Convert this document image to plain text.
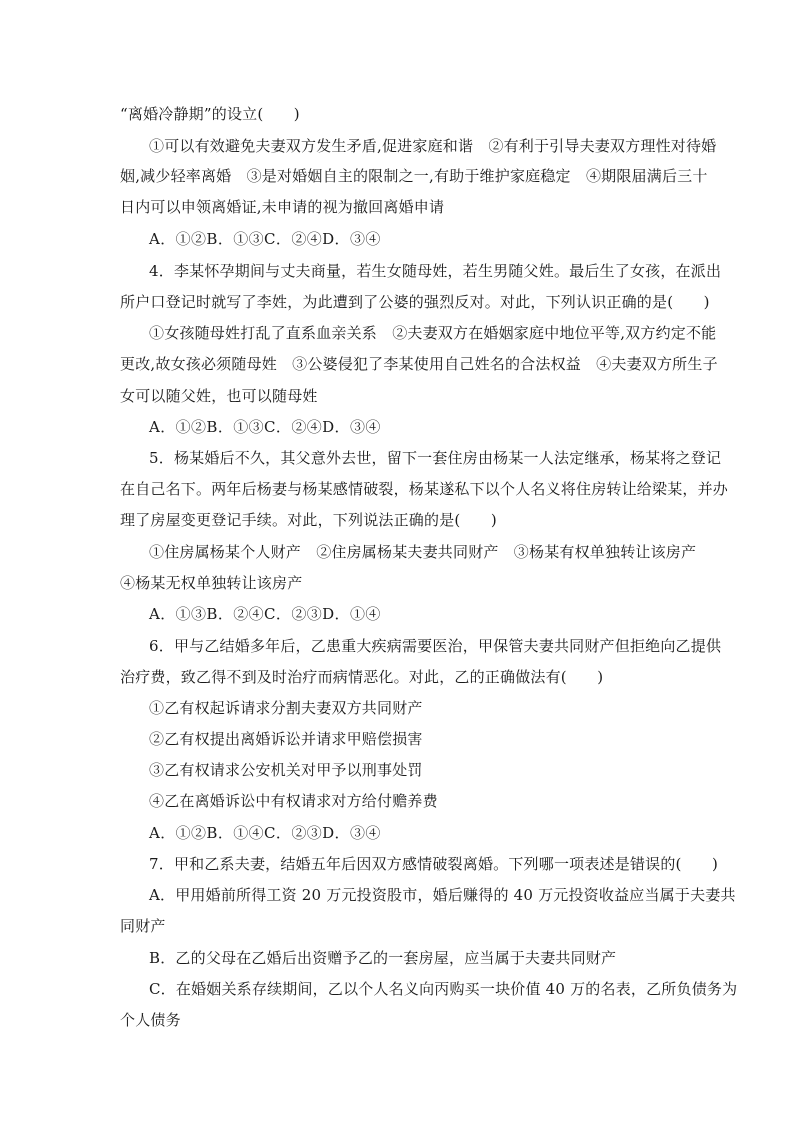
“离婚冷静期”的设立(　　)
①可以有效避免夫妻双方发生矛盾,促进家庭和谐　②有利于引导夫妻双方理性对待婚
姻,减少轻率离婚　③是对婚姻自主的限制之一,有助于维护家庭稳定　④期限届满后三十
日内可以申领离婚证,未申请的视为撤回离婚申请
A．①②B．①③C．②④D．③④
4．李某怀孕期间与丈夫商量，若生女随母姓，若生男随父姓。最后生了女孩，在派出
所户口登记时就写了李姓，为此遭到了公婆的强烈反对。对此，下列认识正确的是(　　)
①女孩随母姓打乱了直系血亲关系　②夫妻双方在婚姻家庭中地位平等,双方约定不能
更改,故女孩必须随母姓　③公婆侵犯了李某使用自己姓名的合法权益　④夫妻双方所生子
女可以随父姓，也可以随母姓
A．①②B．①③C．②④D．③④
5．杨某婚后不久，其父意外去世，留下一套住房由杨某一人法定继承，杨某将之登记
在自己名下。两年后杨妻与杨某感情破裂，杨某遂私下以个人名义将住房转让给梁某，并办
理了房屋变更登记手续。对此，下列说法正确的是(　　)
①住房属杨某个人财产　②住房属杨某夫妻共同财产　③杨某有权单独转让该房产
④杨某无权单独转让该房产
A．①③B．②④C．②③D．①④
6．甲与乙结婚多年后，乙患重大疾病需要医治，甲保管夫妻共同财产但拒绝向乙提供
治疗费，致乙得不到及时治疗而病情恶化。对此，乙的正确做法有(　　)
①乙有权起诉请求分割夫妻双方共同财产
②乙有权提出离婚诉讼并请求甲赔偿损害
③乙有权请求公安机关对甲予以刑事处罚
④乙在离婚诉讼中有权请求对方给付赡养费
A．①②B．①④C．②③D．③④
7．甲和乙系夫妻，结婚五年后因双方感情破裂离婚。下列哪一项表述是错误的(　　)
A．甲用婚前所得工资 20 万元投资股市，婚后赚得的 40 万元投资收益应当属于夫妻共
同财产
B．乙的父母在乙婚后出资赠予乙的一套房屋，应当属于夫妻共同财产
C．在婚姻关系存续期间，乙以个人名义向丙购买一块价值 40 万的名表，乙所负债务为
个人债务
